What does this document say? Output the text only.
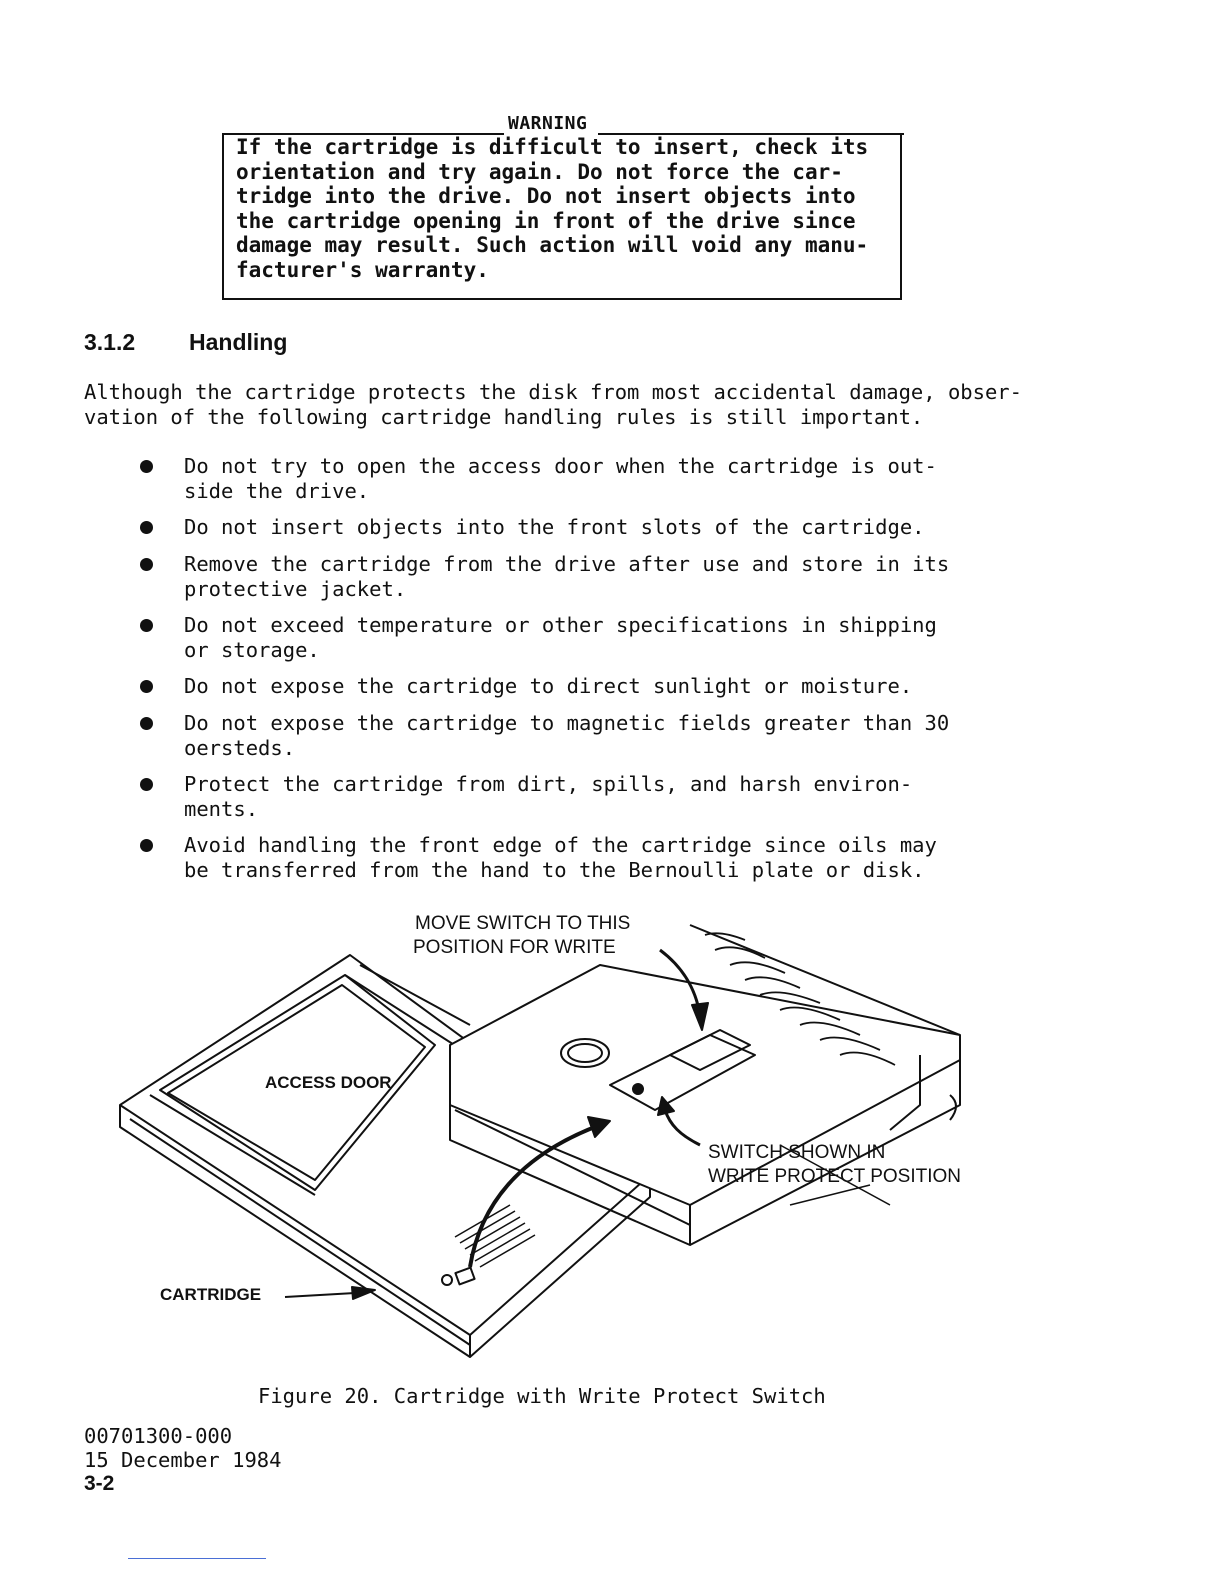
WARNING
If the cartridge is difficult to insert, check its
orientation and try again. Do not force the car-
tridge into the drive. Do not insert objects into
the cartridge opening in front of the drive since
damage may result. Such action will void any manu-
facturer's warranty.
3.1.2 Handling
Although the cartridge protects the disk from most accidental damage, obser-
vation of the following cartridge handling rules is still important.
Do not try to open the access door when the cartridge is out-
side the drive.
Do not insert objects into the front slots of the cartridge.
Remove the cartridge from the drive after use and store in its
protective jacket.
Do not exceed temperature or other specifications in shipping
or storage.
Do not expose the cartridge to direct sunlight or moisture.
Do not expose the cartridge to magnetic fields greater than 30
oersteds.
Protect the cartridge from dirt, spills, and harsh environ-
ments.
Avoid handling the front edge of the cartridge since oils may
be transferred from the hand to the Bernoulli plate or disk.
MOVE SWITCH TO THIS
POSITION FOR WRITE
ACCESS DOOR
SWITCH SHOWN IN
WRITE PROTECT POSITION
CARTRIDGE
Figure 20. Cartridge with Write Protect Switch
00701300-000
15 December 1984
3-2
